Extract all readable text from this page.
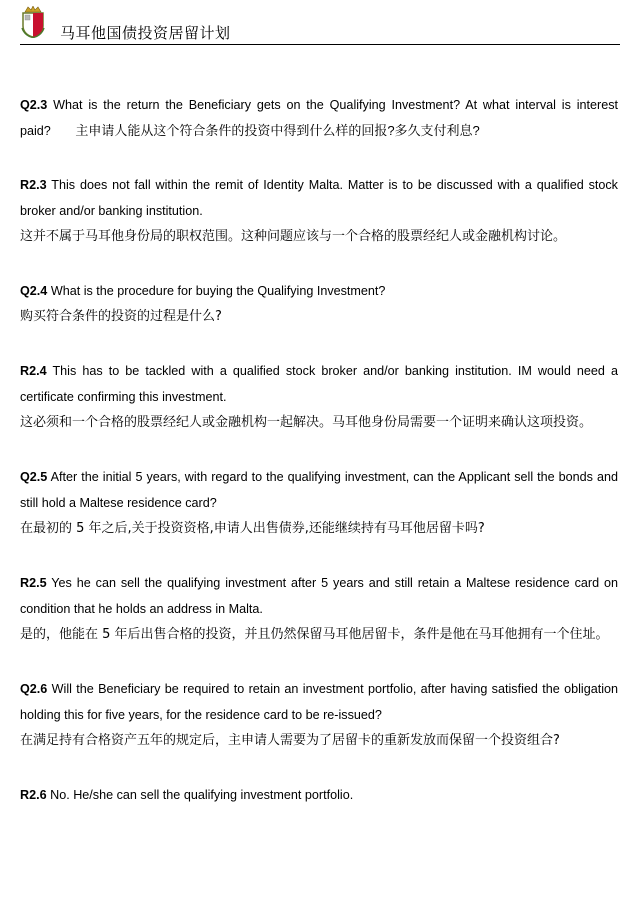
马耳他国债投资居留计划

Q2.3 What is the return the Beneficiary gets on the Qualifying Investment? At what interval is interest paid? 主申请人能从这个符合条件的投资中得到什么样的回报?多久支付利息?

R2.3 This does not fall within the remit of Identity Malta. Matter is to be discussed with a qualified stock broker and/or banking institution.

这并不属于马耳他身份局的职权范围。这种问题应该与一个合格的股票经纪人或金融机构讨论。

Q2.4 What is the procedure for buying the Qualifying Investment?

购买符合条件的投资的过程是什么?

R2.4 This has to be tackled with a qualified stock broker and/or banking institution. IM would need a certificate confirming this investment.

这必须和一个合格的股票经纪人或金融机构一起解决。马耳他身份局需要一个证明来确认这项投资。

Q2.5 After the initial 5 years, with regard to the qualifying investment, can the Applicant sell the bonds and still hold a Maltese residence card?

在最初的 5 年之后,关于投资资格,申请人出售债券,还能继续持有马耳他居留卡吗?

R2.5 Yes he can sell the qualifying investment after 5 years and still retain a Maltese residence card on condition that he holds an address in Malta.

是的，他能在 5 年后出售合格的投资，并且仍然保留马耳他居留卡，条件是他在马耳他拥有一个住址。

Q2.6 Will the Beneficiary be required to retain an investment portfolio, after having satisfied the obligation holding this for five years, for the residence card to be re-issued?

在满足持有合格资产五年的规定后，主申请人需要为了居留卡的重新发放而保留一个投资组合?

R2.6 No. He/she can sell the qualifying investment portfolio.
